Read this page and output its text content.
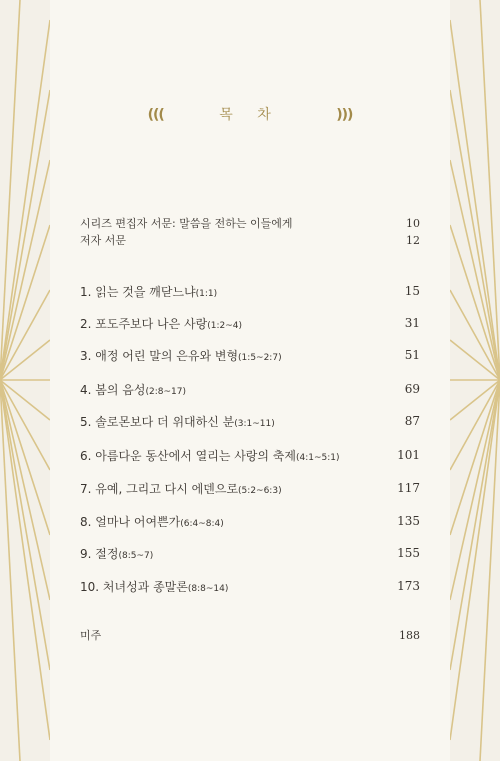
(((	목 차	)))
시리즈 편집자 서문: 말씀을 전하는 이들에게	10
저자 서문	12
1. 읽는 것을 깨닫느냐(1:1)	15
2. 포도주보다 나은 사랑(1:2~4)	31
3. 애정 어린 말의 은유와 변형(1:5~2:7)	51
4. 봄의 음성(2:8~17)	69
5. 솔로몬보다 더 위대하신 분(3:1~11)	87
6. 아름다운 동산에서 열리는 사랑의 축제(4:1~5:1)	101
7. 유예, 그리고 다시 에덴으로(5:2~6:3)	117
8. 얼마나 어여쁜가(6:4~8:4)	135
9. 절정(8:5~7)	155
10. 처녀성과 종말론(8:8~14)	173
미주	188
